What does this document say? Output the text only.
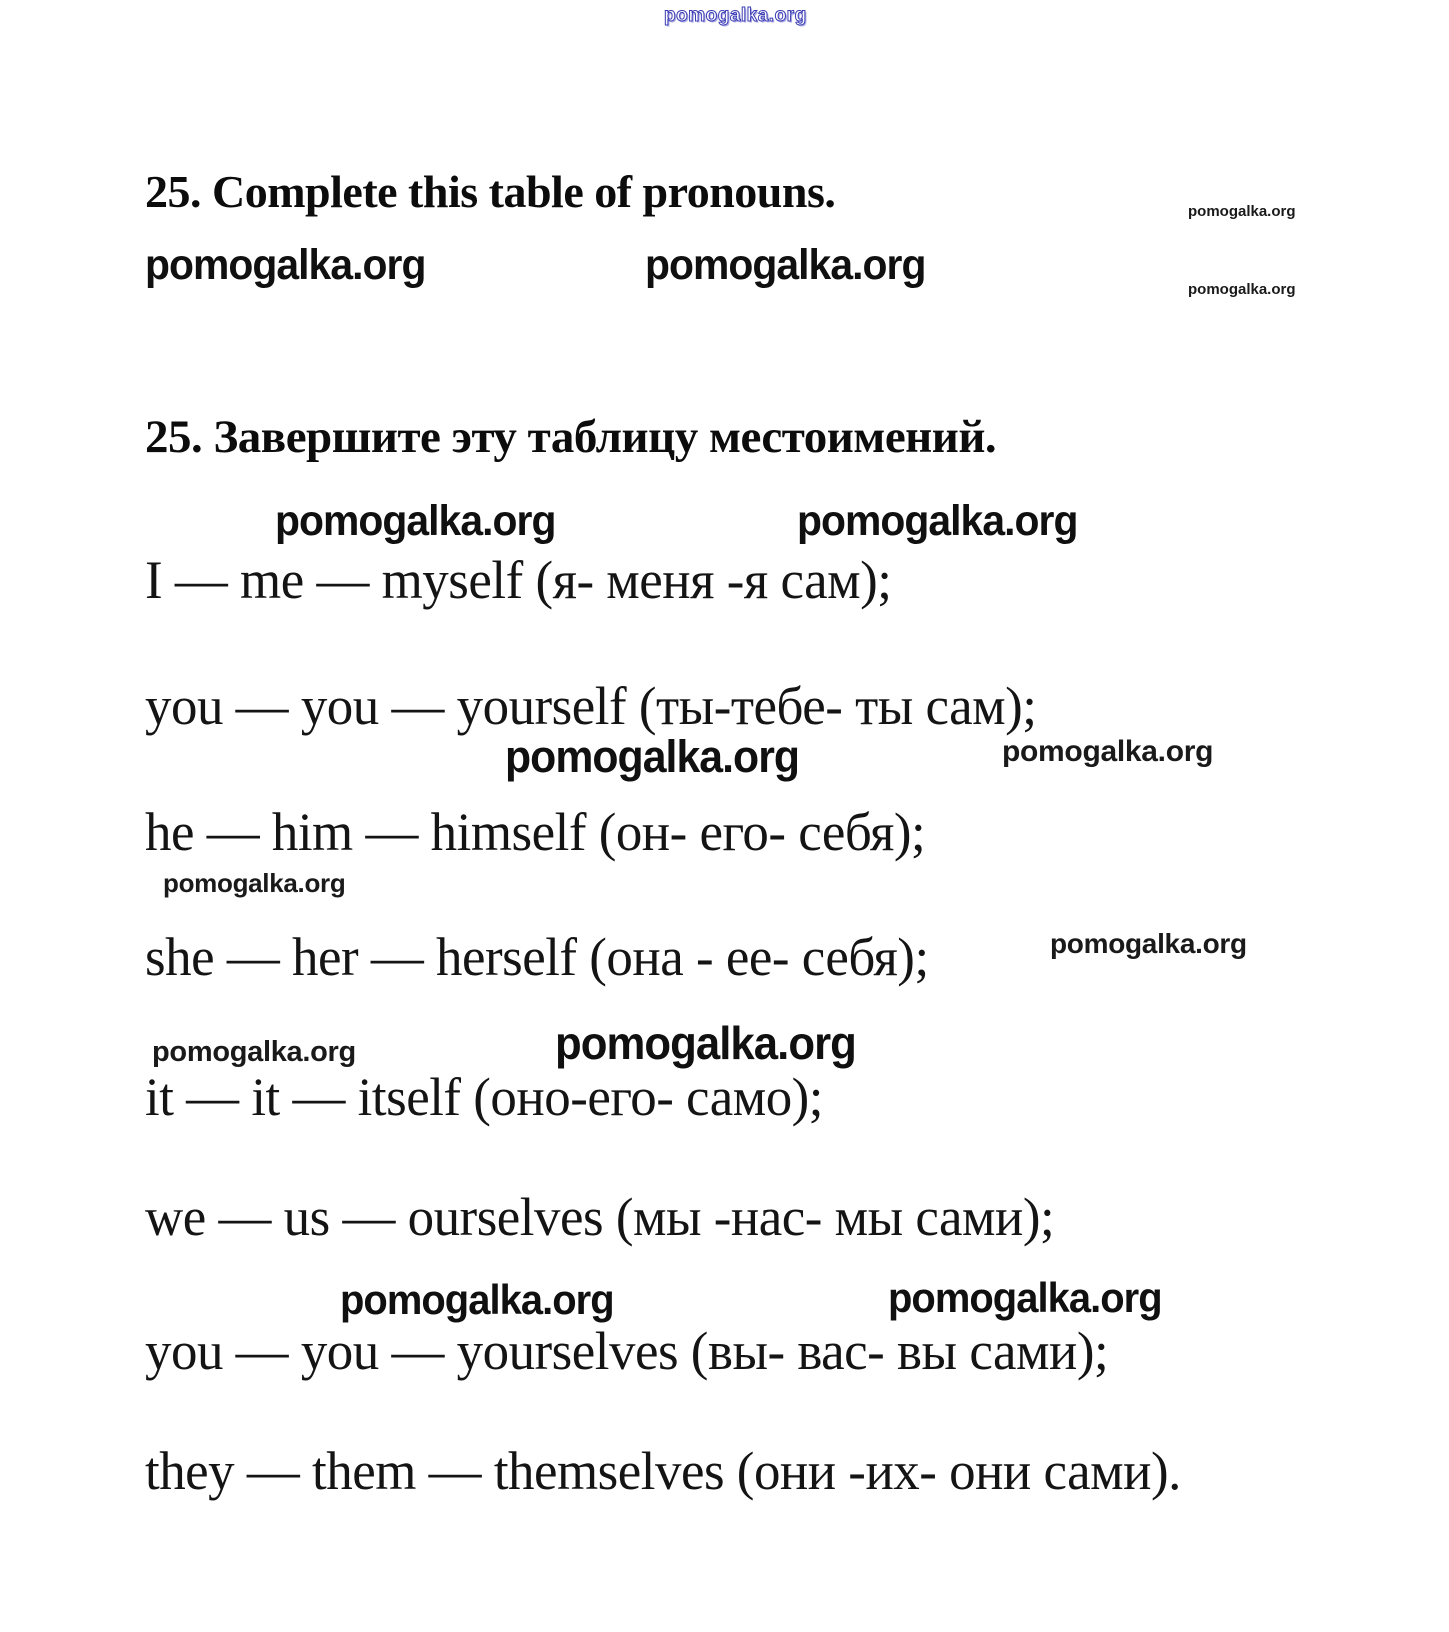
pomogalka.org
25. Complete this table of pronouns.	pomogalka.org
pomogalka.org	pomogalka.org
pomogalka.org
25. Завершите эту таблицу местоимений.
pomogalka.org	pomogalka.org
I — me — myself (я- меня -я сам);
you — you — yourself (ты-тебе- ты сам);
pomogalka.org	pomogalka.org
he — him — himself (он- его- себя);
pomogalka.org
she — her — herself (она - ее- себя);	pomogalka.org
pomogalka.org	pomogalka.org
it — it — itself (оно-его- само);
we — us — ourselves (мы -нас- мы сами);
pomogalka.org	pomogalka.org
you — you — yourselves (вы- вас- вы сами);
they — them — themselves (они -их- они сами).
